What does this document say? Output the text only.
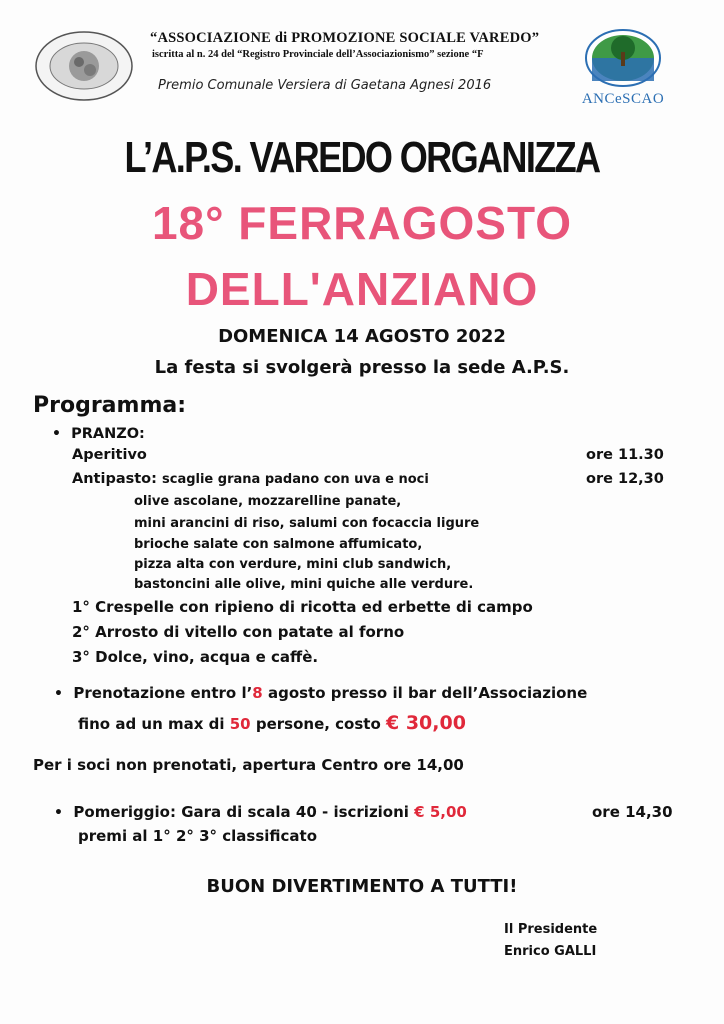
“ASSOCIAZIONE di PROMOZIONE SOCIALE VAREDO”
iscritta al n. 24 del “Registro Provinciale dell’Associazionismo” sezione “F
Premio Comunale Versiera di Gaetana Agnesi 2016
ANCeSCAO
L’A.P.S. VAREDO ORGANIZZA
18° FERRAGOSTO
DELL'ANZIANO
DOMENICA 14 AGOSTO 2022
La festa si svolgerà presso la sede A.P.S.
Programma:
• PRANZO:
Aperitivo	ore 11.30
Antipasto: scaglie grana padano con uva e noci	ore 12,30
olive ascolane, mozzarelline panate,
mini arancini di riso, salumi con focaccia ligure
brioche salate con salmone affumicato,
pizza alta con verdure, mini club sandwich,
bastoncini alle olive, mini quiche alle verdure.
1° Crespelle con ripieno di ricotta ed erbette di campo
2° Arrosto di vitello con patate al forno
3° Dolce, vino, acqua e caffè.
• Prenotazione entro l’8 agosto presso il bar dell’Associazione
fino ad un max di 50 persone, costo € 30,00
Per i soci non prenotati, apertura Centro ore 14,00
• Pomeriggio: Gara di scala 40 - iscrizioni € 5,00	ore 14,30
premi al 1° 2° 3° classificato
BUON DIVERTIMENTO A TUTTI!
Il Presidente
Enrico GALLI
